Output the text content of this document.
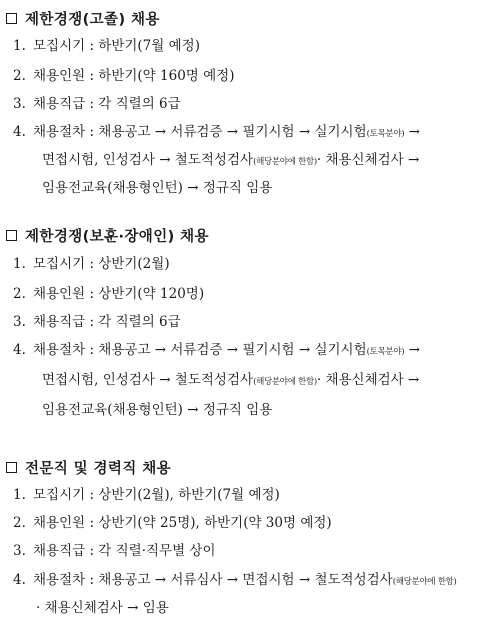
제한경쟁(고졸) 채용
1. 모집시기 : 하반기(7월 예정)
2. 채용인원 : 하반기(약 160명 예정)
3. 채용직급 : 각 직렬의 6급
4. 채용절차 : 채용공고 → 서류검증 → 필기시험 → 실기시험(토목분야) →
면접시험, 인성검사 → 철도적성검사(해당분야에 한함)· 채용신체검사 →
임용전교육(채용형인턴) → 정규직 임용
제한경쟁(보훈·장애인) 채용
1. 모집시기 : 상반기(2월)
2. 채용인원 : 상반기(약 120명)
3. 채용직급 : 각 직렬의 6급
4. 채용절차 : 채용공고 → 서류검증 → 필기시험 → 실기시험(토목분야) →
면접시험, 인성검사 → 철도적성검사(해당분야에 한함)· 채용신체검사 →
임용전교육(채용형인턴) → 정규직 임용
전문직 및 경력직 채용
1. 모집시기 : 상반기(2월), 하반기(7월 예정)
2. 채용인원 : 상반기(약 25명), 하반기(약 30명 예정)
3. 채용직급 : 각 직렬·직무별 상이
4. 채용절차 : 채용공고 → 서류심사 → 면접시험 → 철도적성검사(해당분야에 한함)
· 채용신체검사 → 임용
